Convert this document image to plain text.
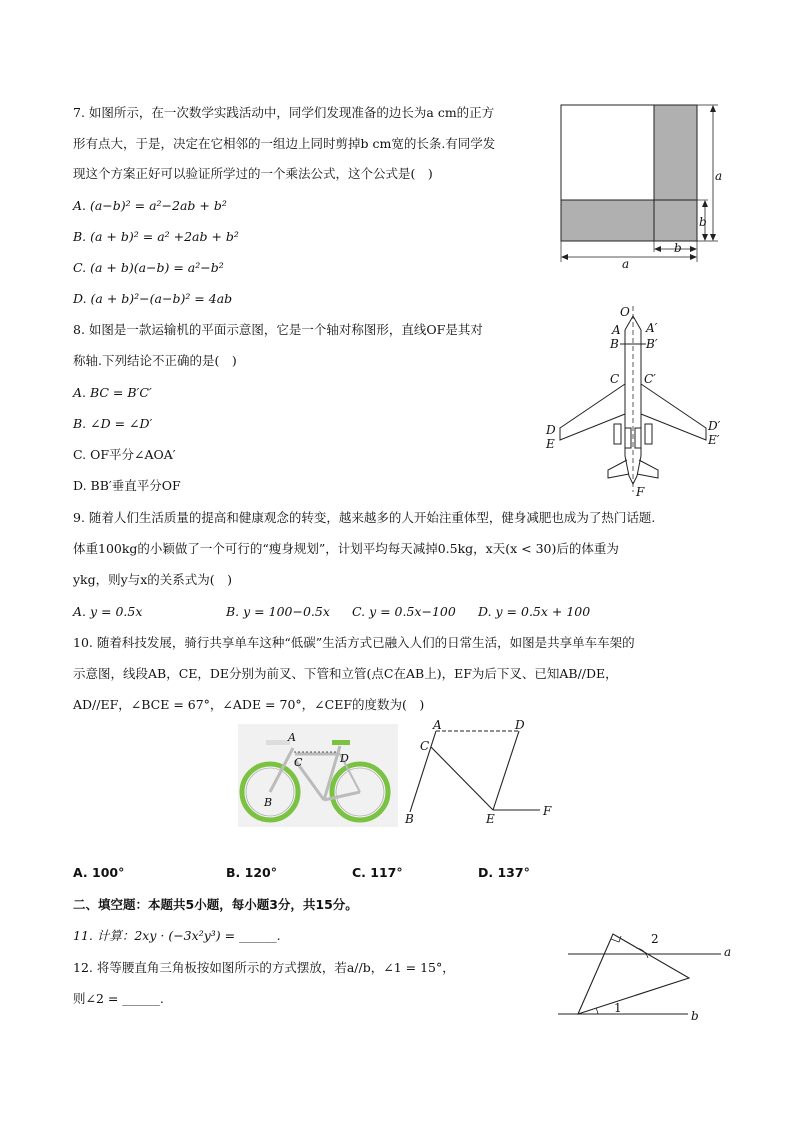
7. 如图所示，在一次数学实践活动中，同学们发现准备的边长为a cm的正方
形有点大，于是，决定在它相邻的一组边上同时剪掉b cm宽的长条.有同学发
现这个方案正好可以验证所学过的一个乘法公式，这个公式是(　)
A. (a−b)² = a²−2ab + b²
B. (a + b)² = a² +2ab + b²
C. (a + b)(a−b) = a²−b²
D. (a + b)²−(a−b)² = 4ab
a
b
a
b
8. 如图是一款运输机的平面示意图，它是一个轴对称图形，直线OF是其对
称轴.下列结论不正确的是(　)
A. BC = B′C′
B. ∠D = ∠D′
C. OF平分∠AOA′
D. BB′垂直平分OF
O
A A′
B B′
C C′
D	D′
E	E′
F
9. 随着人们生活质量的提高和健康观念的转变，越来越多的人开始注重体型，健身减肥也成为了热门话题.
体重100kg的小颖做了一个可行的“瘦身规划”，计划平均每天减掉0.5kg，x天(x < 30)后的体重为
ykg，则y与x的关系式为(　)
A. y = 0.5x	B. y = 100−0.5x C. y = 0.5x−100 D. y = 0.5x + 100
10. 随着科技发展，骑行共享单车这种“低碳”生活方式已融入人们的日常生活，如图是共享单车车架的
示意图，线段AB，CE，DE分别为前叉、下管和立管(点C在AB上)，EF为后下叉、已知AB//DE，
AD//EF，∠BCE = 67°，∠ADE = 70°，∠CEF的度数为(　)
A
C	D
B
A	D
C
B	E
F
A. 100°	B. 120°	C. 117°	D. 137°
二、填空题：本题共5小题，每小题3分，共15分。
11. 计算：2xy · (−3x²y³) = ______.
12. 将等腰直角三角板按如图所示的方式摆放，若a//b，∠1 = 15°，
则∠2 = ______.
2
1
a
b
